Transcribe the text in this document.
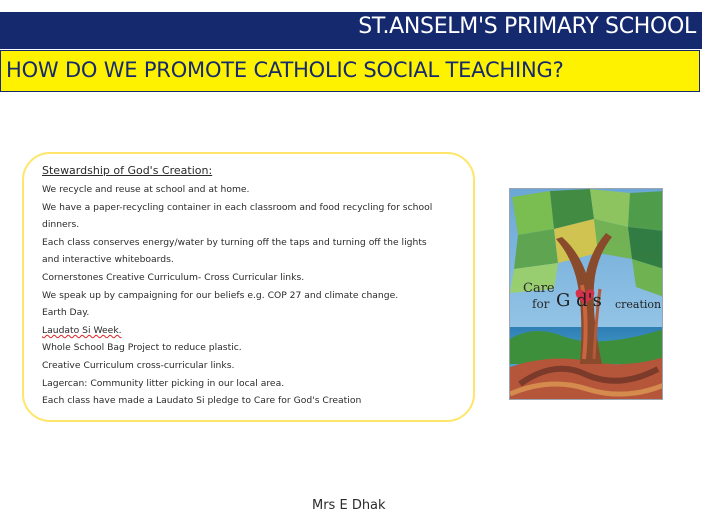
ST.ANSELM'S PRIMARY SCHOOL
HOW DO WE PROMOTE CATHOLIC SOCIAL TEACHING?
Stewardship of God's Creation:
We recycle and reuse at school and at home.
We have a paper-recycling container in each classroom and food recycling for school
dinners.
Each class conserves energy/water by turning off the taps and turning off the lights
and interactive whiteboards.
Cornerstones Creative Curriculum- Cross Curricular links.
We speak up by campaigning for our beliefs e.g. COP 27 and climate change.
Earth Day.
Laudato Si Week.
Whole School Bag Project to reduce plastic.
Creative Curriculum cross-curricular links.
Lagercan: Community litter picking in our local area.
Each class have made a Laudato Si pledge to Care for God's Creation
Care
for G d's creation
Mrs E Dhak
